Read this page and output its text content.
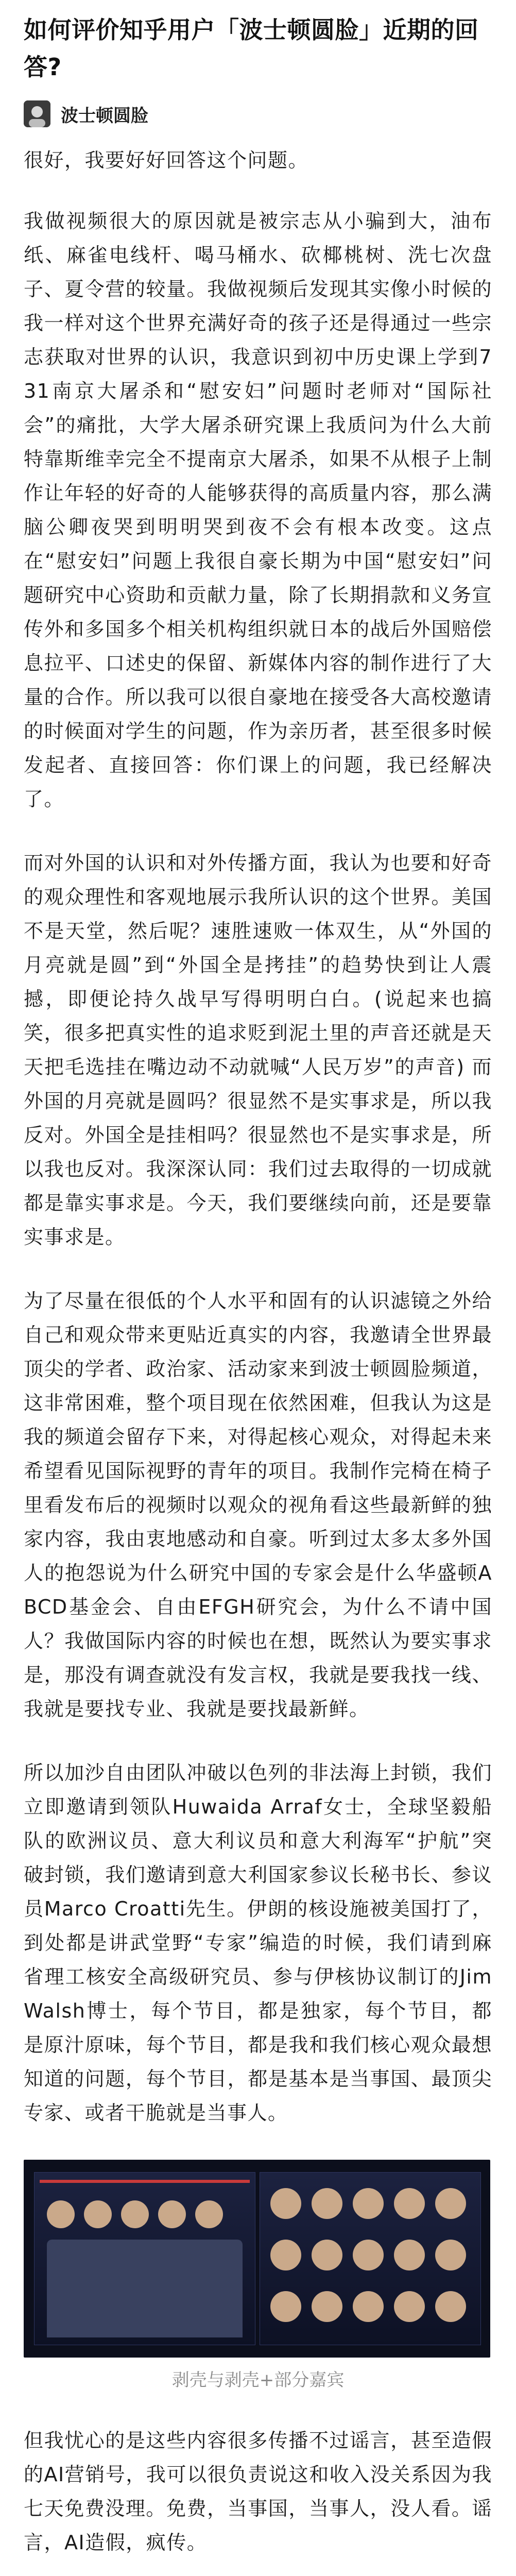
如何评价知乎用户「波士顿圆脸」近期的回答?
波士顿圆脸

很好，我要好好回答这个问题。

我做视频很大的原因就是被宗志从小骗到大，油布纸、麻雀电线杆、喝马桶水、砍椰桃树、洗七次盘子、夏令营的较量。我做视频后发现其实像小时候的我一样对这个世界充满好奇的孩子还是得通过一些宗志获取对世界的认识，我意识到初中历史课上学到731南京大屠杀和“慰安妇”问题时老师对“国际社会”的痛批，大学大屠杀研究课上我质问为什么大前特靠斯维幸完全不提南京大屠杀，如果不从根子上制作让年轻的好奇的人能够获得的高质量内容，那么满脑公卿夜哭到明明哭到夜不会有根本改变。这点在“慰安妇”问题上我很自豪长期为中国“慰安妇”问题研究中心资助和贡献力量，除了长期捐款和义务宣传外和多国多个相关机构组织就日本的战后外国赔偿息拉平、口述史的保留、新媒体内容的制作进行了大量的合作。所以我可以很自豪地在接受各大高校邀请的时候面对学生的问题，作为亲历者，甚至很多时候发起者、直接回答：你们课上的问题，我已经解决了。

而对外国的认识和对外传播方面，我认为也要和好奇的观众理性和客观地展示我所认识的这个世界。美国不是天堂，然后呢？速胜速败一体双生，从“外国的月亮就是圆”到“外国全是拷挂”的趋势快到让人震撼，即便论持久战早写得明明白白。(说起来也搞笑，很多把真实性的追求贬到泥土里的声音还就是天天把毛选挂在嘴边动不动就喊“人民万岁”的声音) 而外国的月亮就是圆吗？很显然不是实事求是，所以我反对。外国全是挂相吗？很显然也不是实事求是，所以我也反对。我深深认同：我们过去取得的一切成就都是靠实事求是。今天，我们要继续向前，还是要靠实事求是。

为了尽量在很低的个人水平和固有的认识滤镜之外给自己和观众带来更贴近真实的内容，我邀请全世界最顶尖的学者、政治家、活动家来到波士顿圆脸频道，这非常困难，整个项目现在依然困难，但我认为这是我的频道会留存下来，对得起核心观众，对得起未来希望看见国际视野的青年的项目。我制作完椅在椅子里看发布后的视频时以观众的视角看这些最新鲜的独家内容，我由衷地感动和自豪。听到过太多太多外国人的抱怨说为什么研究中国的专家会是什么华盛顿ABCD基金会、自由EFGH研究会，为什么不请中国人？我做国际内容的时候也在想，既然认为要实事求是，那没有调查就没有发言权，我就是要我找一线、我就是要找专业、我就是要找最新鲜。

所以加沙自由团队冲破以色列的非法海上封锁，我们立即邀请到领队Huwaida Arraf女士，全球坚毅船队的欧洲议员、意大利议员和意大利海军“护航”突破封锁，我们邀请到意大利国家参议长秘书长、参议员Marco Croatti先生。伊朗的核设施被美国打了，到处都是讲武堂野“专家”编造的时候，我们请到麻省理工核安全高级研究员、参与伊核协议制订的Jim Walsh博士，每个节目，都是独家，每个节目，都是原汁原味，每个节目，都是我和我们核心观众最想知道的问题，每个节目，都是基本是当事国、最顶尖专家、或者干脆就是当事人。

剥壳与剥壳+部分嘉宾

但我忧心的是这些内容很多传播不过谣言，甚至造假的AI营销号，我可以很负责说这和收入没关系因为我七天免费没理。免费，当事国，当事人，没人看。谣言，AI造假，疯传。
